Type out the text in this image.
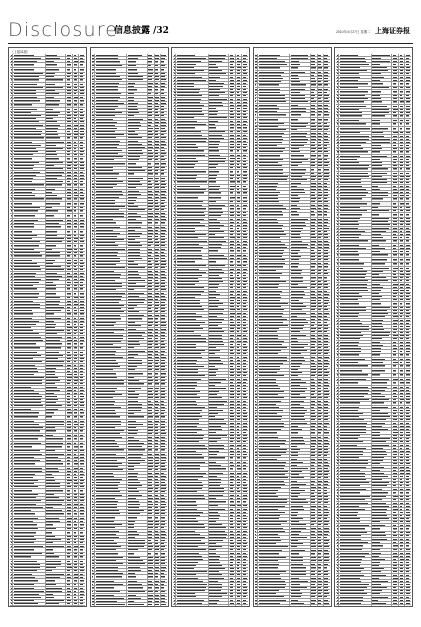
Disclosure
信息披露 /32	2010年4月27日 星期二 上海证券报
（上接31版）
